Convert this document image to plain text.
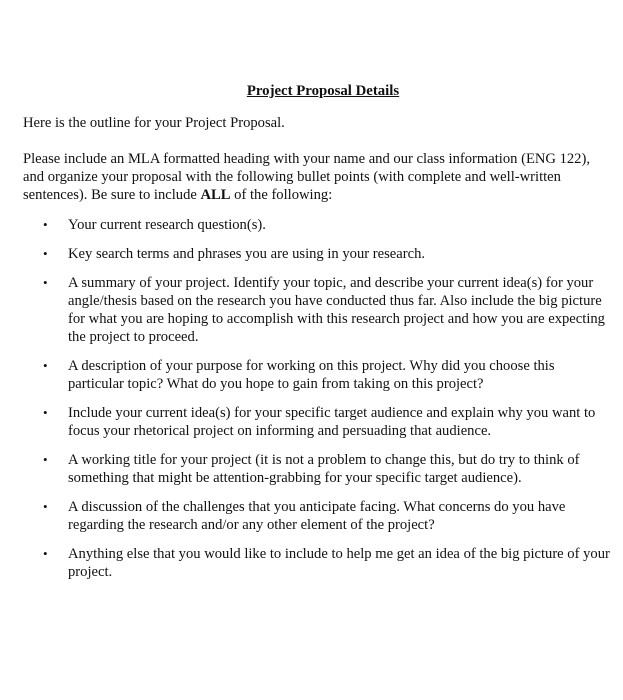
Project Proposal Details

Here is the outline for your Project Proposal.

Please include an MLA formatted heading with your name and our class information (ENG 122), and organize your proposal with the following bullet points (with complete and well-written sentences). Be sure to include ALL of the following:

• Your current research question(s).
• Key search terms and phrases you are using in your research.
• A summary of your project. Identify your topic, and describe your current idea(s) for your angle/thesis based on the research you have conducted thus far. Also include the big picture for what you are hoping to accomplish with this research project and how you are expecting the project to proceed.
• A description of your purpose for working on this project. Why did you choose this particular topic? What do you hope to gain from taking on this project?
• Include your current idea(s) for your specific target audience and explain why you want to focus your rhetorical project on informing and persuading that audience.
• A working title for your project (it is not a problem to change this, but do try to think of something that might be attention-grabbing for your specific target audience).
• A discussion of the challenges that you anticipate facing. What concerns do you have regarding the research and/or any other element of the project?
• Anything else that you would like to include to help me get an idea of the big picture of your project.
